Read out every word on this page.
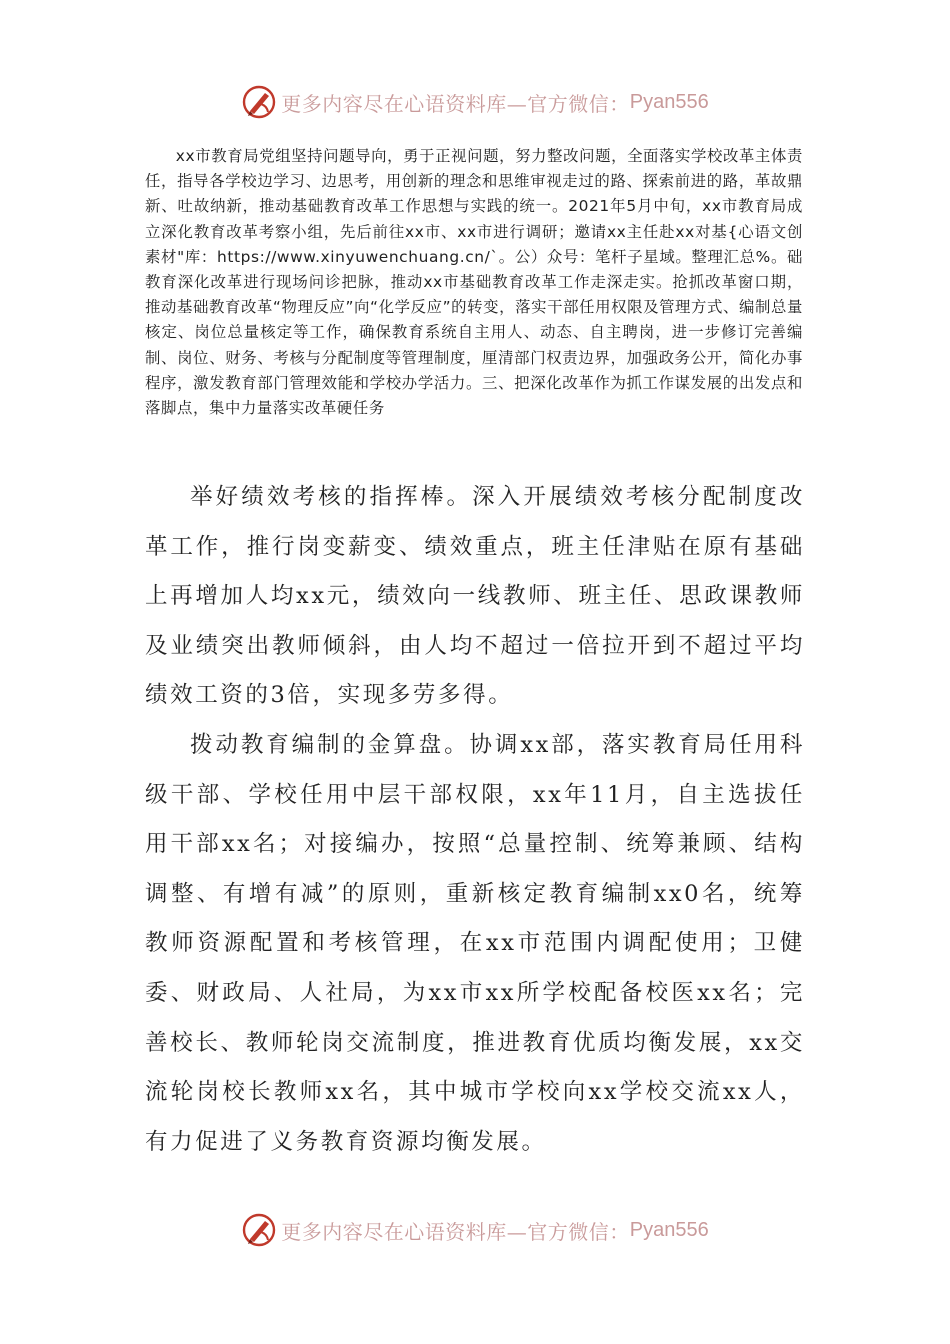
更多内容尽在心语资料库—官方微信： Pyan556

xx市教育局党组坚持问题导向，勇于正视问题，努力整改问题，全面落实学校改革主体责任，指导各学校边学习、边思考，用创新的理念和思维审视走过的路、探索前进的路，革故鼎新、吐故纳新，推动基础教育改革工作思想与实践的统一。2021年5月中旬，xx市教育局成立深化教育改革考察小组，先后前往xx市、xx市进行调研；邀请xx主任赴xx对基{心语文创素材"库：https://www.xinyuwenchuang.cn/`。公）众号：笔杆子星域。整理汇总%。础教育深化改革进行现场问诊把脉，推动xx市基础教育改革工作走深走实。抢抓改革窗口期，推动基础教育改革“物理反应”向“化学反应”的转变，落实干部任用权限及管理方式、编制总量核定、岗位总量核定等工作，确保教育系统自主用人、动态、自主聘岗，进一步修订完善编制、岗位、财务、考核与分配制度等管理制度，厘清部门权责边界，加强政务公开，简化办事程序，激发教育部门管理效能和学校办学活力。三、把深化改革作为抓工作谋发展的出发点和落脚点，集中力量落实改革硬任务

举好绩效考核的指挥棒。深入开展绩效考核分配制度改革工作，推行岗变薪变、绩效重点，班主任津贴在原有基础上再增加人均xx元，绩效向一线教师、班主任、思政课教师及业绩突出教师倾斜，由人均不超过一倍拉开到不超过平均绩效工资的3倍，实现多劳多得。

拨动教育编制的金算盘。协调xx部，落实教育局任用科级干部、学校任用中层干部权限，xx年11月，自主选拔任用干部xx名；对接编办，按照“总量控制、统筹兼顾、结构调整、有增有减”的原则，重新核定教育编制xx0名，统筹教师资源配置和考核管理，在xx市范围内调配使用；卫健委、财政局、人社局，为xx市xx所学校配备校医xx名；完善校长、教师轮岗交流制度，推进教育优质均衡发展，xx交流轮岗校长教师xx名，其中城市学校向xx学校交流xx人，有力促进了义务教育资源均衡发展。

更多内容尽在心语资料库—官方微信： Pyan556
